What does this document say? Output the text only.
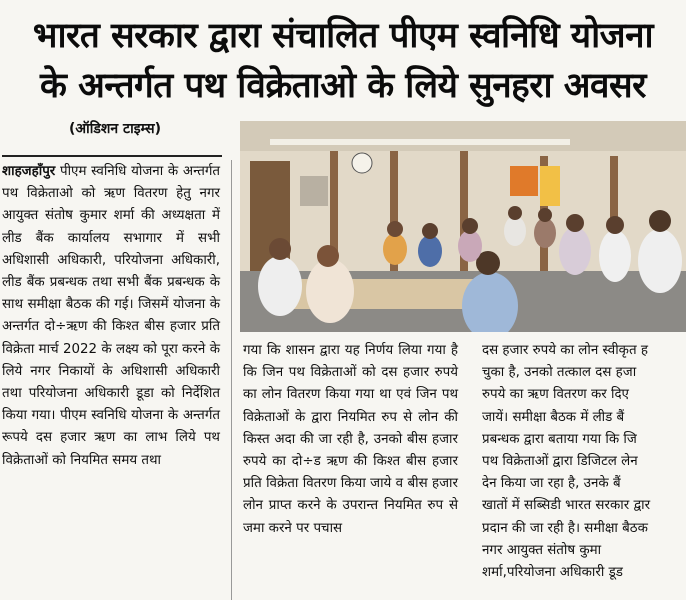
भारत सरकार द्वारा संचालित पीएम स्वनिधि योजना
के अन्तर्गत पथ विक्रेताओ के लिये सुनहरा अवसर
(ऑडिशन टाइम्स)

शाहजहाँपुर पीएम स्वनिधि योजना के अन्तर्गत पथ विक्रेताओ को ऋण वितरण हेतु नगर आयुक्त संतोष कुमार शर्मा की अध्यक्षता में लीड बैंक कार्यालय सभागार में सभी अधिशासी अधिकारी, परियोजना अधिकारी, लीड बैंक प्रबन्धक तथा सभी बैंक प्रबन्धक के साथ समीक्षा बैठक की गई। जिसमें योजना के अन्तर्गत दो÷ऋण की किश्त बीस हजार प्रति विक्रेता मार्च 2022 के लक्ष्य को पूरा करने के लिये नगर निकायों के अधिशासी अधिकारी तथा परियोजना अधिकारी डूडा को निर्देशित किया गया। पीएम स्वनिधि योजना के अन्तर्गत रूपये दस हजार ऋण का लाभ लिये पथ विक्रेताओं को नियमित समय तथा

गया कि शासन द्वारा यह निर्णय लिया गया है कि जिन पथ विक्रेताओं को दस हजार रुपये का लोन वितरण किया गया था एवं जिन पथ विक्रेताओं के द्वारा नियमित रुप से लोन की किस्त अदा की जा रही है, उनको बीस हजार रुपये का दो÷ड ऋण की किश्त बीस हजार प्रति विक्रेता वितरण किया जाये व बीस हजार लोन प्राप्त करने के उपरान्त नियमित रुप से जमा करने पर पचास

दस हजार रुपये का लोन स्वीकृत ह
चुका है, उनको तत्काल दस हजा
रुपये का ऋण वितरण कर दिए
जायें। समीक्षा बैठक में लीड बैं
प्रबन्धक द्वारा बताया गया कि जि
पथ विक्रेताओं द्वारा डिजिटल लेन
देन किया जा रहा है, उनके बैं
खातों में सब्सिडी भारत सरकार द्वार
प्रदान की जा रही है। समीक्षा बैठक
नगर आयुक्त संतोष कुमा
शर्मा,परियोजना अधिकारी डूड
